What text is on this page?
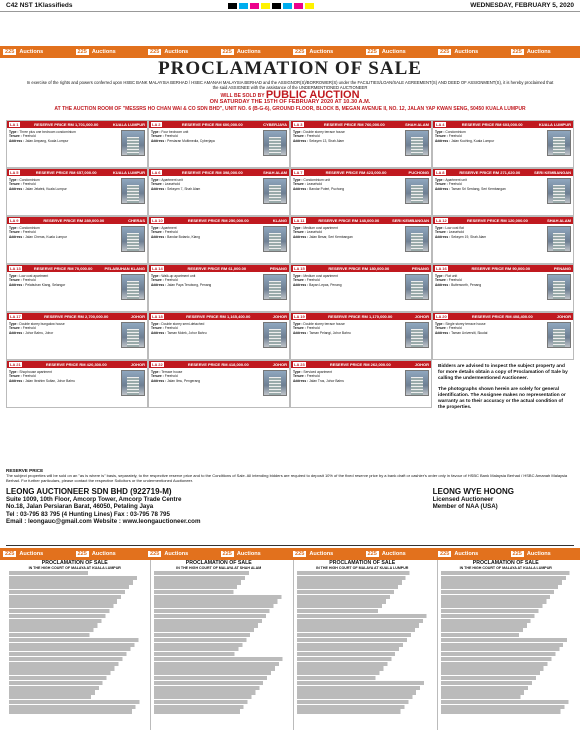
C42 NST 1Klassifieds	WEDNESDAY, FEBRUARY 5, 2020
225 Auctions	225 Auctions	225 Auctions	225 Auctions	225 Auctions	225 Auctions	225 Auctions	225 Auctions
225 Auctions	225 Auctions	225 Auctions	225 Auctions	225 Auctions	225 Auctions	225 Auctions	225 Auctions
PROCLAMATION OF SALE
In exercise of the rights and powers conferred upon HSBC BANK MALAYSIA BERHAD / HSBC AMANAH MALAYSIA BERHAD and the ASSIGNOR(S)/BORROWER(S) under the FACILITIES/LOAN/SALE AGREEMENT(S) AND DEED OF ASSIGNMENT(S), it is hereby proclaimed that the said ASSIGNEE with the assistance of the UNDERMENTIONED AUCTIONEER
WILL BE SOLD BY PUBLIC AUCTION
ON SATURDAY THE 15TH OF FEBRUARY 2020 AT 10.30 A.M.
AT THE AUCTION ROOM OF "MESSRS HO CHAN WAI & CO SDN BHD", UNIT NO. 6 (B-G-6), GROUND FLOOR, BLOCK B, MEGAN AVENUE II, NO. 12, JALAN YAP KWAN SENG, 50450 KUALA LUMPUR
LA 1	RESERVE PRICE RM 1,701,000.00	KUALA LUMPUR
Type : Three plus one bedroom condominium
Tenure : Freehold
Address : Jalan Ampang, Kuala Lumpur
LA 2	RESERVE PRICE RM 600,000.00	CYBERJAYA
Type : Four bedroom unit
Tenure : Freehold
Address : Persiaran Multimedia, Cyberjaya
LA 3	RESERVE PRICE RM 760,000.00	SHAH ALAM
Type : Double storey terrace house
Tenure : Freehold
Address : Seksyen 13, Shah Alam
LA 4	RESERVE PRICE RM 603,000.00	KUALA LUMPUR
Type : Condominium
Tenure : Freehold
Address : Jalan Kuching, Kuala Lumpur
LA 5	RESERVE PRICE RM 657,000.00	KUALA LUMPUR
Type : Condominium
Tenure : Freehold
Address : Jalan Jelatek, Kuala Lumpur
LA 6	RESERVE PRICE RM 398,000.00	SHAH ALAM
Type : Apartment unit
Tenure : Leasehold
Address : Seksyen 7, Shah Alam
LA 7	RESERVE PRICE RM 423,000.00	PUCHONG
Type : Condominium unit
Tenure : Leasehold
Address : Bandar Puteri, Puchong
LA 8	RESERVE PRICE RM 271,620.00	SERI KEMBANGAN
Type : Apartment unit
Tenure : Freehold
Address : Taman Sri Serdang, Seri Kembangan
LA 9	RESERVE PRICE RM 289,000.00	CHERAS
Type : Condominium
Tenure : Freehold
Address : Jalan Cheras, Kuala Lumpur
LA 10	RESERVE PRICE RM 250,000.00	KLANG
Type : Apartment
Tenure : Freehold
Address : Bandar Botanic, Klang
LA 11	RESERVE PRICE RM 148,000.00	SERI KEMBANGAN
Type : Medium cost apartment
Tenure : Leasehold
Address : Jalan Besar, Seri Kembangan
LA 12	RESERVE PRICE RM 120,000.00	SHAH ALAM
Type : Low cost flat
Tenure : Leasehold
Address : Seksyen 19, Shah Alam
LA 13	RESERVE PRICE RM 70,000.00	PELABUHAN KLANG
Type : Low cost apartment
Tenure : Freehold
Address : Pelabuhan Klang, Selangor
LA 14	RESERVE PRICE RM 61,000.00	PENANG
Type : Walk-up apartment unit
Tenure : Freehold
Address : Jalan Paya Terubong, Penang
LA 15	RESERVE PRICE RM 180,000.00	PENANG
Type : Medium cost apartment
Tenure : Freehold
Address : Bayan Lepas, Penang
LA 16	RESERVE PRICE RM 90,000.00	PENANG
Type : Flat unit
Tenure : Freehold
Address : Butterworth, Penang
LA 17	RESERVE PRICE RM 2,700,000.00	JOHOR
Type : Double storey bungalow house
Tenure : Freehold
Address : Johor Bahru, Johor
LA 18	RESERVE PRICE RM 1,165,400.00	JOHOR
Type : Double storey semi-detached
Tenure : Freehold
Address : Taman Molek, Johor Bahru
LA 19	RESERVE PRICE RM 1,170,000.00	JOHOR
Type : Double storey terrace house
Tenure : Freehold
Address : Taman Pelangi, Johor Bahru
LA 20	RESERVE PRICE RM 408,400.00	JOHOR
Type : Single storey terrace house
Tenure : Freehold
Address : Taman Universiti, Skudai
LA 21	RESERVE PRICE RM 420,300.00	JOHOR
Type : Shophouse apartment
Tenure : Freehold
Address : Jalan Ibrahim Sultan, Johor Bahru
LA 22	RESERVE PRICE RM 418,000.00	JOHOR
Type : Terrace house
Tenure : Freehold
Address : Jalan Ilmu, Pengerang
LA 23	RESERVE PRICE RM 262,000.00	JOHOR
Type : Serviced apartment
Tenure : Freehold
Address : Jalan Trus, Johor Bahru

Bidders are advised to inspect the subject property and for more details obtain a copy of Proclamation of Sale by calling the undermentioned Auctioneer.

The photographs shown herein are solely for general identification. The Assignee makes no representation or warranty as to their accuracy or the actual condition of the properties.

RESERVE PRICE
The subject properties will be sold on an "as is where is" basis, separately, to the respective reserve price and to the Conditions of Sale. All intending bidders are required to deposit 10% of the fixed reserve price by a bank draft or cashier's order only in favour of HSBC Bank Malaysia Berhad / HSBC Amanah Malaysia Berhad. For further particulars, please contact the respective Solicitors or the undermentioned Auctioneer.
LEONG AUCTIONEER SDN BHD (922719-M)
Suite 1009, 10th Floor, Amcorp Tower, Amcorp Trade Centre
No.18, Jalan Persiaran Barat, 46050, Petaling Jaya
Tel : 03-795 83 795 (4 Hunting Lines) Fax : 03-795 78 795
Email : leongauc@gmail.com Website : www.leongauctioneer.com
LEONG WYE HOONG
Licensed Auctioneer
Member of NAA (USA)
PROCLAMATION OF SALE
IN THE HIGH COURT OF MALAYA AT KUALA LUMPUR
PROCLAMATION OF SALE
IN THE HIGH COURT OF MALAYA AT SHAH ALAM
PROCLAMATION OF SALE
IN THE HIGH COURT OF MALAYA AT KUALA LUMPUR
PROCLAMATION OF SALE
IN THE HIGH COURT OF MALAYA AT KUALA LUMPUR
